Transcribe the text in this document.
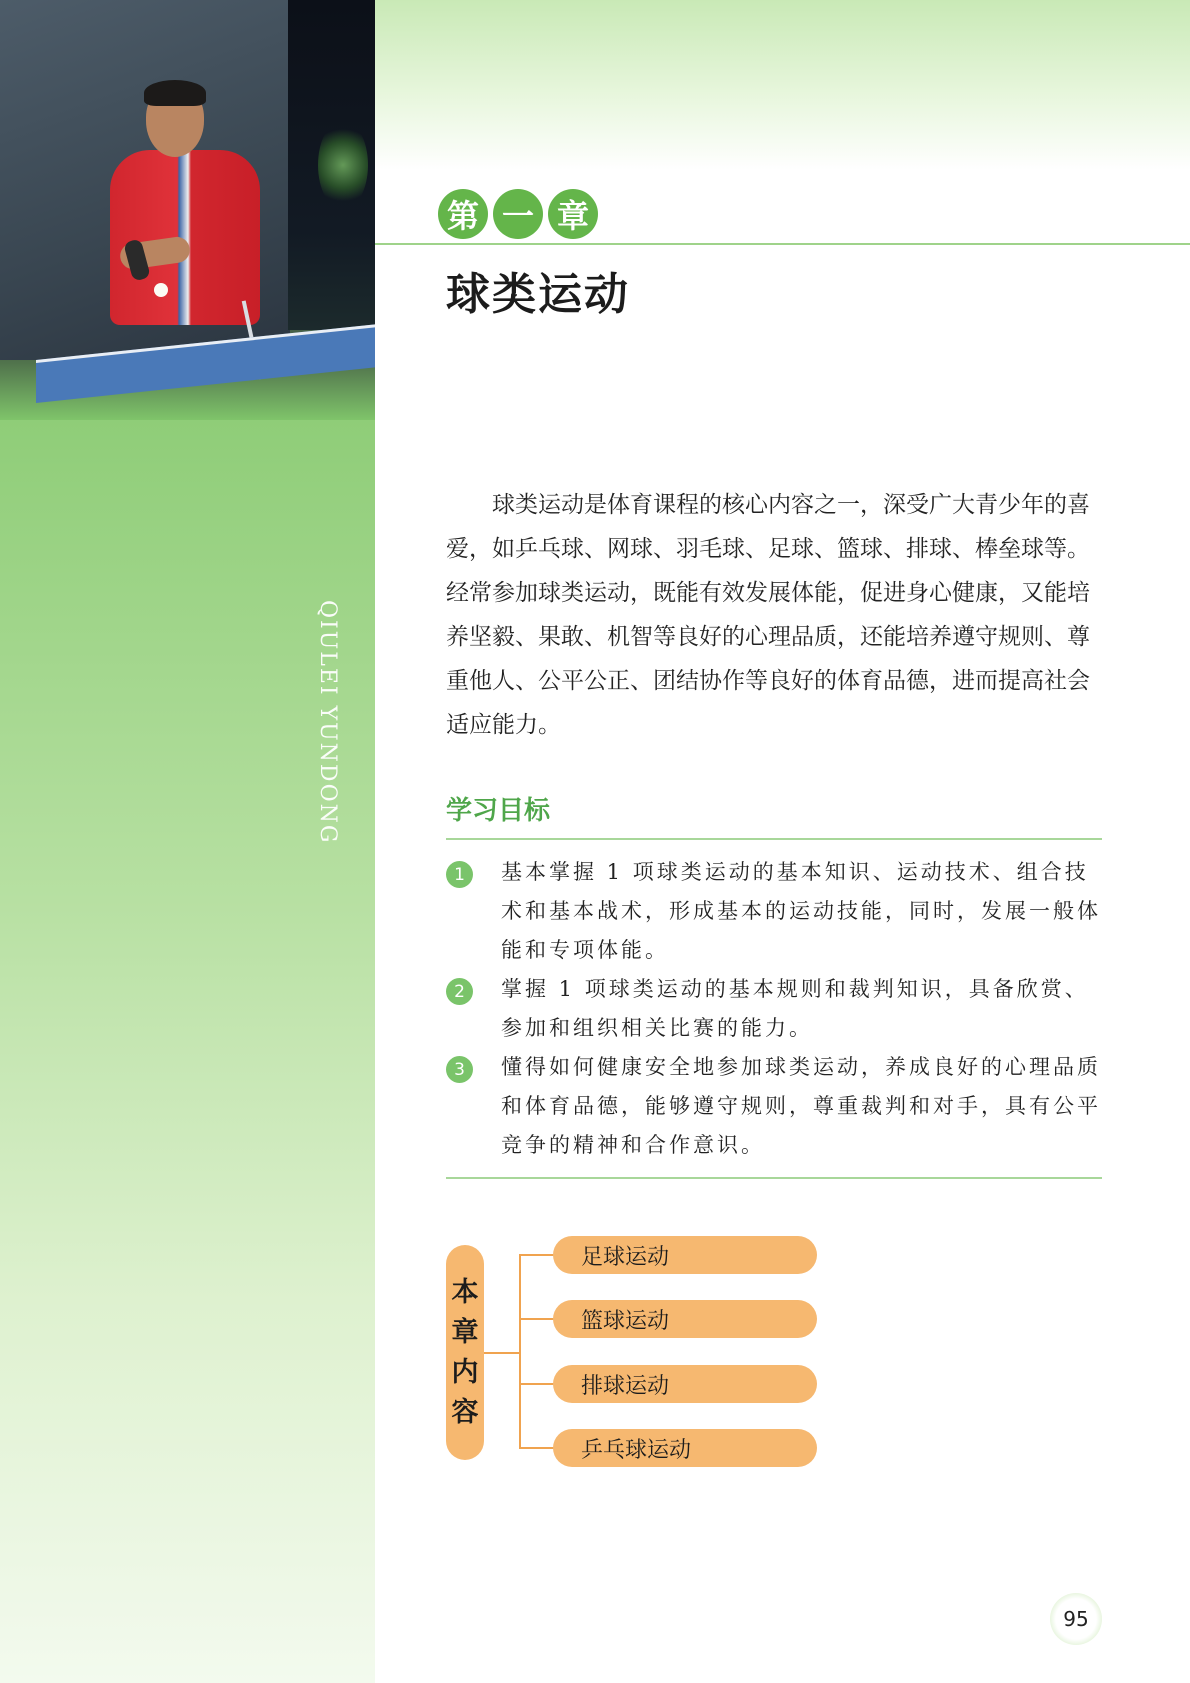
QIULEI YUNDONG
第 一 章
球类运动

球类运动是体育课程的核心内容之一，深受广大青少年的喜爱，如乒乓球、网球、羽毛球、足球、篮球、排球、棒垒球等。经常参加球类运动，既能有效发展体能，促进身心健康，又能培养坚毅、果敢、机智等良好的心理品质，还能培养遵守规则、尊重他人、公平公正、团结协作等良好的体育品德，进而提高社会适应能力。

学习目标
1	基本掌握 1 项球类运动的基本知识、运动技术、组合技术和基本战术，形成基本的运动技能，同时，发展一般体能和专项体能。
2	掌握 1 项球类运动的基本规则和裁判知识，具备欣赏、参加和组织相关比赛的能力。
3	懂得如何健康安全地参加球类运动，养成良好的心理品质和体育品德，能够遵守规则，尊重裁判和对手，具有公平竞争的精神和合作意识。
本
章
内
容
足球运动
篮球运动
排球运动
乒乓球运动
95
